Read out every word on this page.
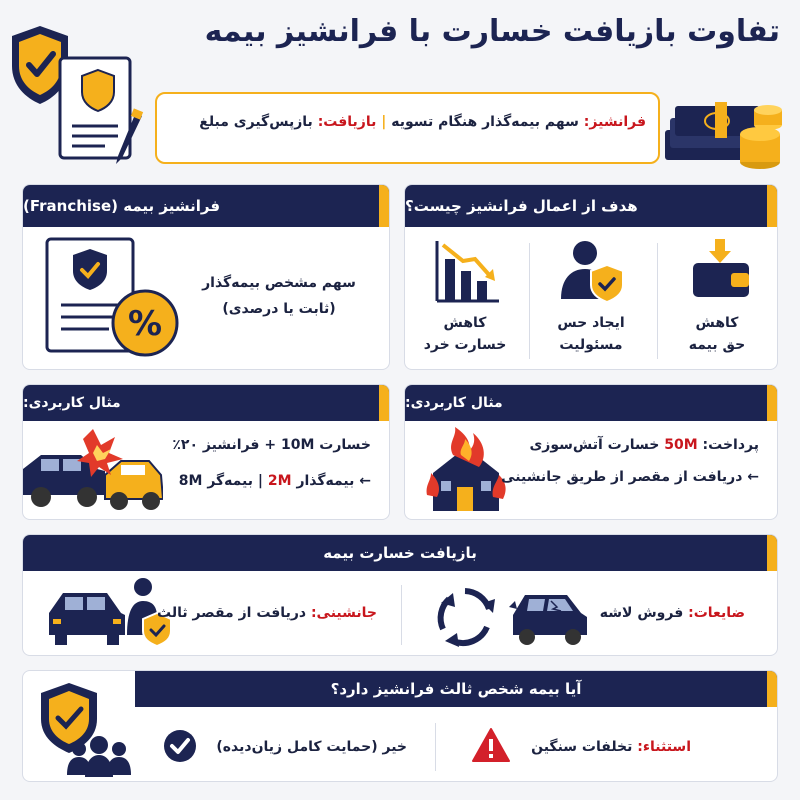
تفاوت بازیافت خسارت با فرانشیز بیمه
فرانشیز: سهم بیمه‌گذار هنگام تسویه | بازیافت: بازپس‌گیری مبلغ
فرانشیز بیمه (Franchise)
%
سهم مشخص بیمه‌گذار
(ثابت یا درصدی)
هدف از اعمال فرانشیز چیست؟
کاهش
حق بیمه
ایجاد حس
مسئولیت
کاهش
خسارت خرد
مثال کاربردی:
خسارت 10M + فرانشیز ۲۰٪
← بیمه‌گذار 2M | بیمه‌گر 8M
مثال کاربردی:
پرداخت: 50M خسارت آتش‌سوزی
← دریافت از مقصر از طریق جانشینی
بازیافت خسارت بیمه
جانشینی: دریافت از مقصر ثالث	ضایعات: فروش لاشه
آیا بیمه شخص ثالث فرانشیز دارد؟
خیر (حمایت کامل زیان‌دیده)	استثناء: تخلفات سنگین
